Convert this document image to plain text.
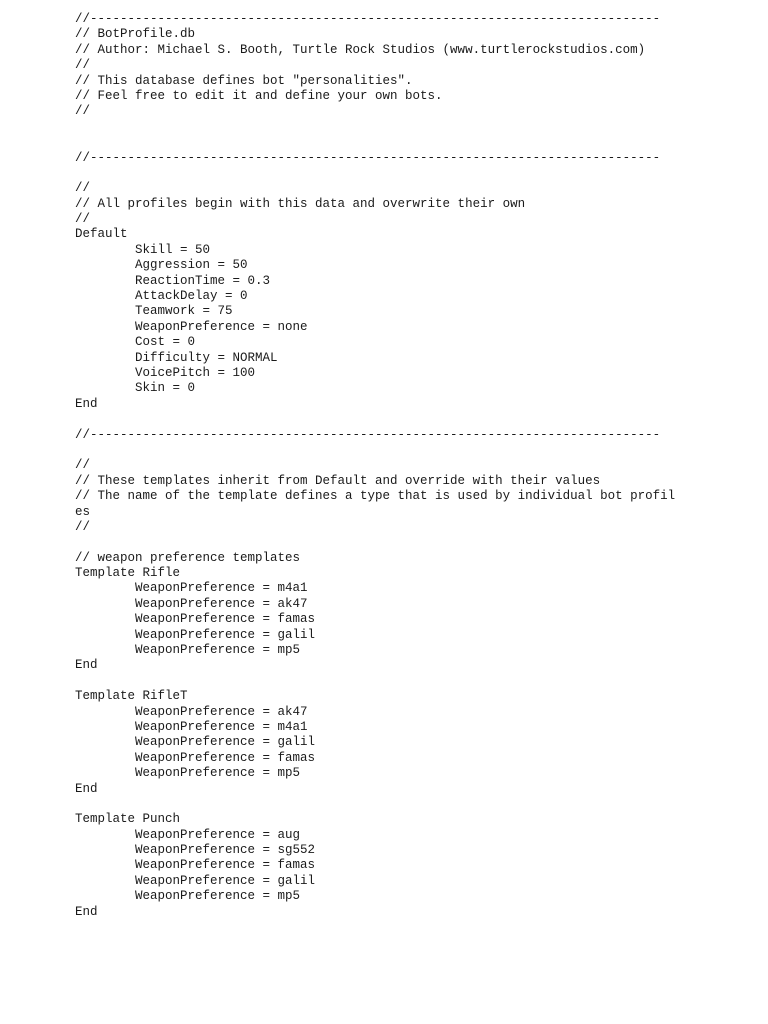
//----------------------------------------------------------------------------
// BotProfile.db
// Author: Michael S. Booth, Turtle Rock Studios (www.turtlerockstudios.com)
//
// This database defines bot "personalities".
// Feel free to edit it and define your own bots.
//
//----------------------------------------------------------------------------
//
// All profiles begin with this data and overwrite their own
//
Default
Skill = 50
Aggression = 50
ReactionTime = 0.3
AttackDelay = 0
Teamwork = 75
WeaponPreference = none
Cost = 0
Difficulty = NORMAL
VoicePitch = 100
Skin = 0
End
//----------------------------------------------------------------------------
//
// These templates inherit from Default and override with their values
// The name of the template defines a type that is used by individual bot profil
es
//
// weapon preference templates
Template Rifle
WeaponPreference = m4a1
WeaponPreference = ak47
WeaponPreference = famas
WeaponPreference = galil
WeaponPreference = mp5
End
Template RifleT
WeaponPreference = ak47
WeaponPreference = m4a1
WeaponPreference = galil
WeaponPreference = famas
WeaponPreference = mp5
End
Template Punch
WeaponPreference = aug
WeaponPreference = sg552
WeaponPreference = famas
WeaponPreference = galil
WeaponPreference = mp5
End
